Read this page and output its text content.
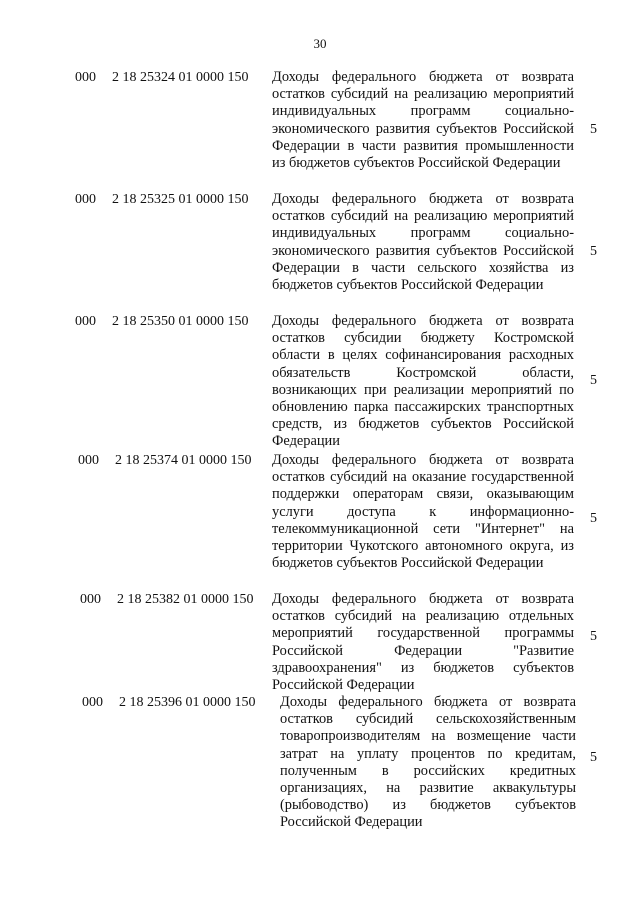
30
000	2 18 25324 01 0000 150 Доходы федерального бюджета от возврата остатков субсидий на реализацию мероприятий индивидуальных программ социально-экономического развития субъектов Российской Федерации в части развития промышленности из бюджетов субъектов Российской Федерации
5
000	2 18 25325 01 0000 150 Доходы федерального бюджета от возврата остатков субсидий на реализацию мероприятий индивидуальных программ социально-экономического развития субъектов Российской Федерации в части сельского хозяйства из бюджетов субъектов Российской Федерации
5
000	2 18 25350 01 0000 150 Доходы федерального бюджета от возврата остатков субсидии бюджету Костромской области в целях софинансирования расходных обязательств Костромской области, возникающих при реализации мероприятий по обновлению парка пассажирских транспортных средств, из бюджетов субъектов Российской Федерации
5
000	2 18 25374 01 0000 150 Доходы федерального бюджета от возврата остатков субсидий на оказание государственной поддержки операторам связи, оказывающим услуги доступа к информационно-телекоммуникационной сети "Интернет" на территории Чукотского автономного округа, из бюджетов субъектов Российской Федерации
5
000	2 18 25382 01 0000 150 Доходы федерального бюджета от возврата остатков субсидий на реализацию отдельных мероприятий государственной программы Российской Федерации "Развитие здравоохранения" из бюджетов субъектов Российской Федерации
5
000	2 18 25396 01 0000 150 Доходы федерального бюджета от возврата остатков субсидий сельскохозяйственным товаропроизводителям на возмещение части затрат на уплату процентов по кредитам, полученным в российских кредитных организациях, на развитие аквакультуры (рыбоводство) из бюджетов субъектов Российской Федерации
5
